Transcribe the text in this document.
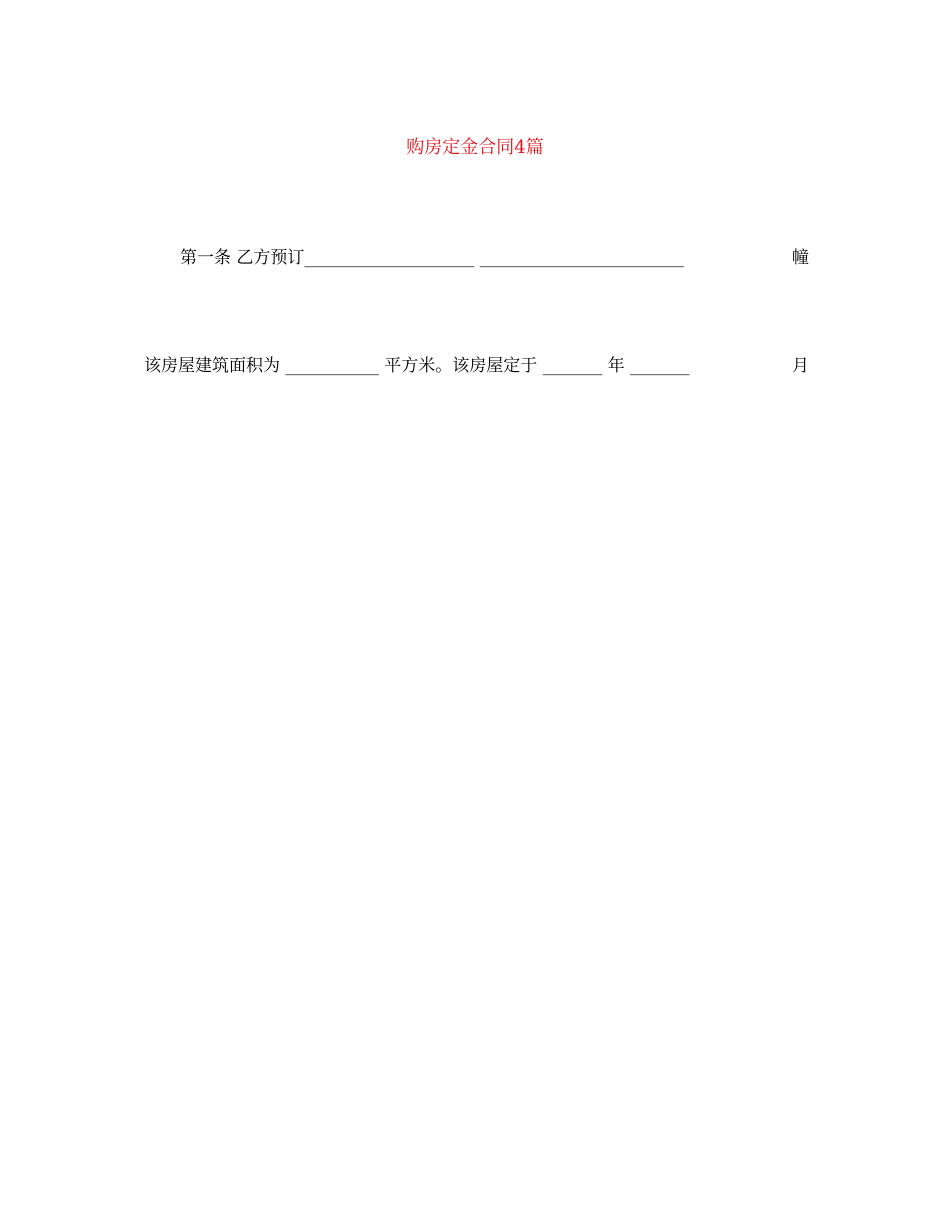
购房定金合同4篇

第一条 乙方预订____________________ ________________________	幢

该房屋建筑面积为 ___________ 平方米。该房屋定于 _______ 年 _______	月
